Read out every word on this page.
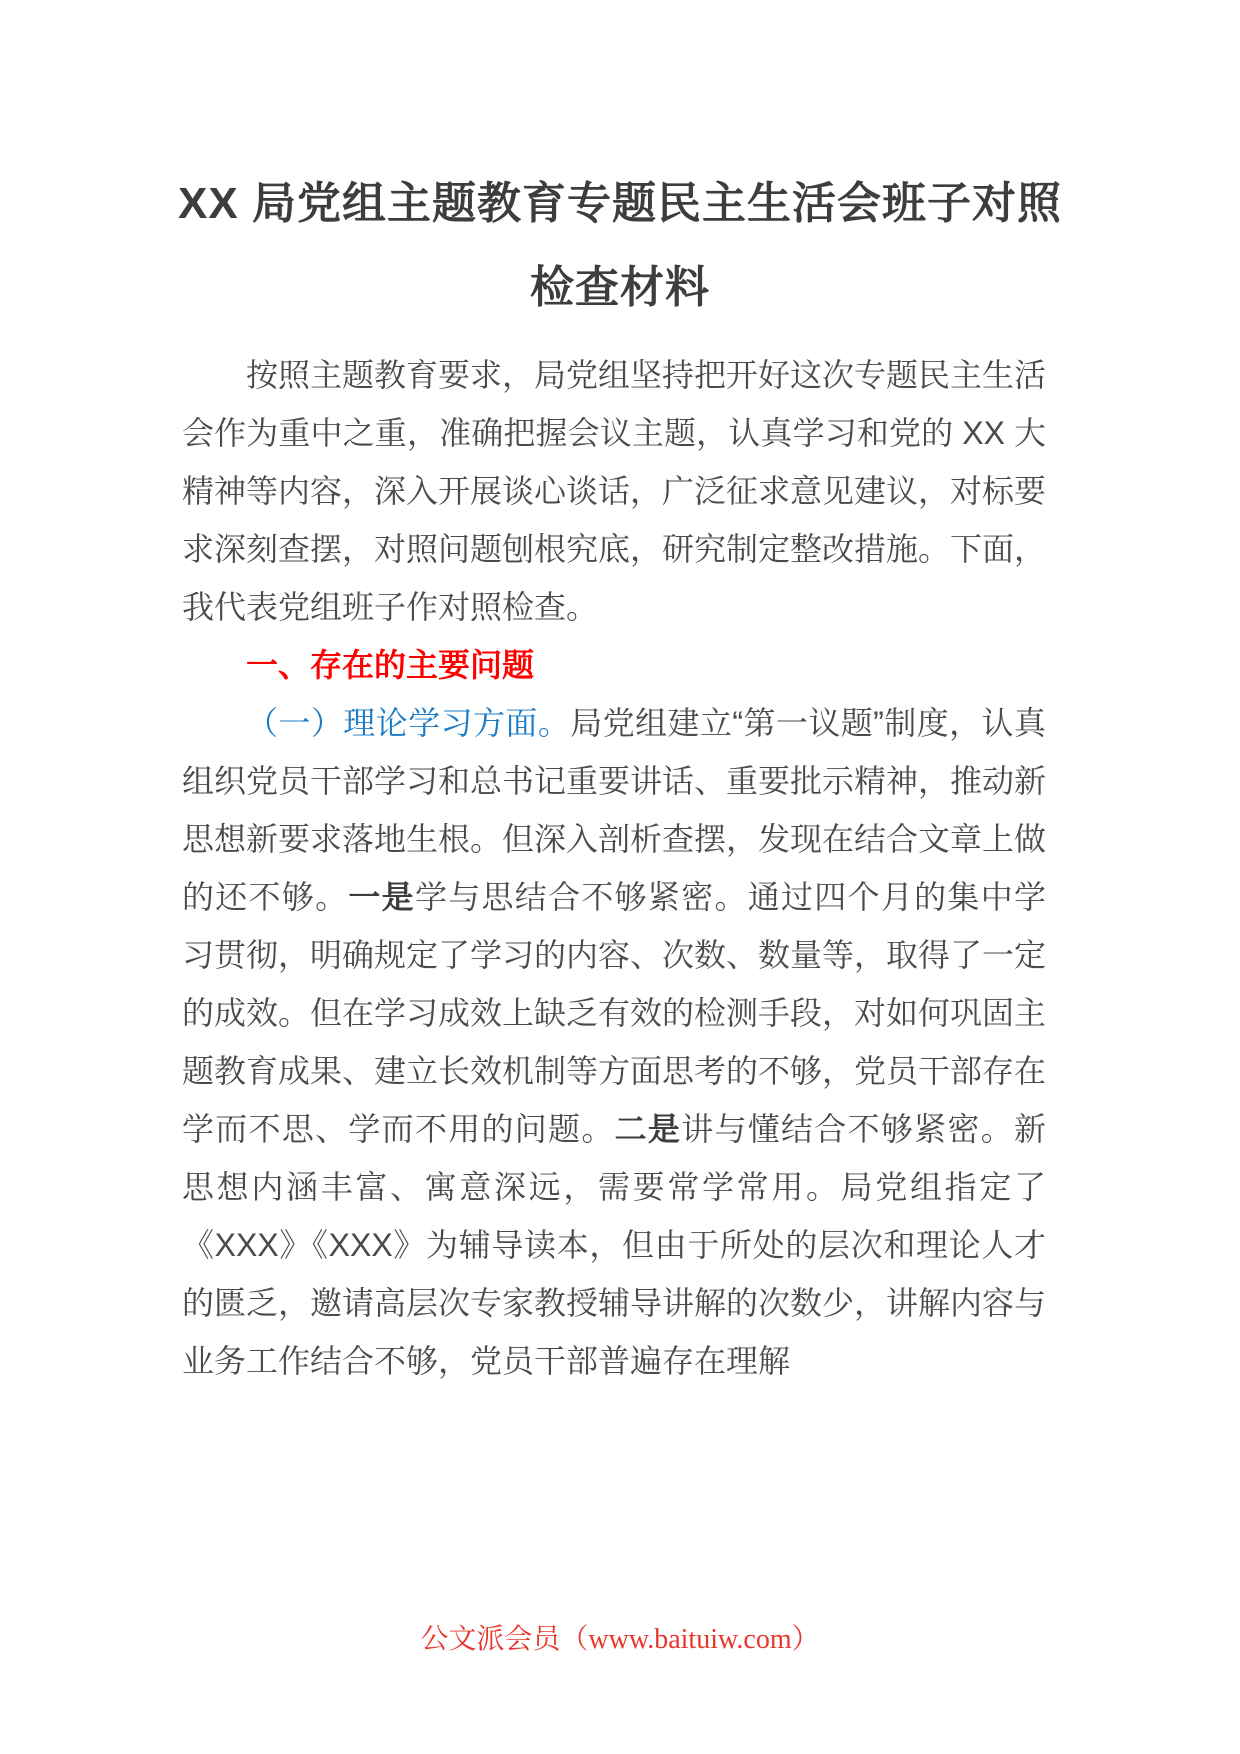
XX 局党组主题教育专题民主生活会班子对照检查材料

按照主题教育要求，局党组坚持把开好这次专题民主生活会作为重中之重，准确把握会议主题，认真学习和党的 XX 大精神等内容，深入开展谈心谈话，广泛征求意见建议，对标要求深刻查摆，对照问题刨根究底，研究制定整改措施。下面，我代表党组班子作对照检查。

一、存在的主要问题

（一）理论学习方面。局党组建立“第一议题”制度，认真组织党员干部学习和总书记重要讲话、重要批示精神，推动新思想新要求落地生根。但深入剖析查摆，发现在结合文章上做的还不够。一是学与思结合不够紧密。通过四个月的集中学习贯彻，明确规定了学习的内容、次数、数量等，取得了一定的成效。但在学习成效上缺乏有效的检测手段，对如何巩固主题教育成果、建立长效机制等方面思考的不够，党员干部存在学而不思、学而不用的问题。二是讲与懂结合不够紧密。新思想内涵丰富、寓意深远，需要常学常用。局党组指定了《XXX》《XXX》为辅导读本，但由于所处的层次和理论人才的匮乏，邀请高层次专家教授辅导讲解的次数少，讲解内容与业务工作结合不够，党员干部普遍存在理解

公文派会员（www.baituiw.com）
